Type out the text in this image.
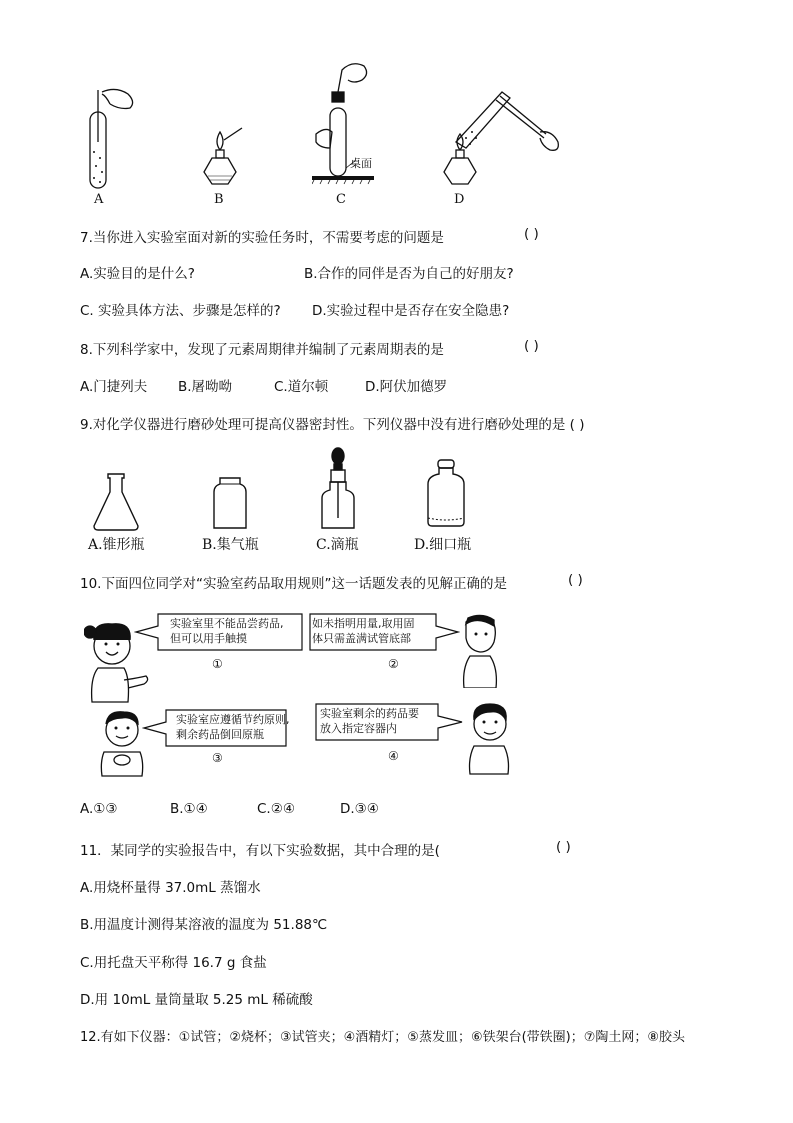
A	B
桌面
C	D
7.当你进入实验室面对新的实验任务时，不需要考虑的问题是	( )
A.实验目的是什么?	B.合作的同伴是否为自己的好朋友?
C. 实验具体方法、步骤是怎样的? D.实验过程中是否存在安全隐患?
8.下列科学家中，发现了元素周期律并编制了元素周期表的是	( )
A.门捷列夫 B.屠呦呦	C.道尔顿	D.阿伏加德罗
9.对化学仪器进行磨砂处理可提高仪器密封性。下列仪器中没有进行磨砂处理的是 ( )
A.锥形瓶	B.集气瓶	C.滴瓶	D.细口瓶
10.下面四位同学对“实验室药品取用规则”这一话题发表的见解正确的是	( )
实验室里不能品尝药品,
但可以用手触摸
①
如未指明用量,取用固
体只需盖满试管底部
②
实验室应遵循节约原则,
剩余药品倒回原瓶
③
实验室剩余的药品要
放入指定容器内
④
A.①③	B.①④	C.②④	D.③④
11．某同学的实验报告中，有以下实验数据，其中合理的是(	( )
A.用烧杯量得 37.0mL 蒸馏水
B.用温度计测得某溶液的温度为 51.88℃
C.用托盘天平称得 16.7 g 食盐
D.用 10mL 量筒量取 5.25 mL 稀硫酸
12.有如下仪器：①试管；②烧杯；③试管夹；④酒精灯；⑤蒸发皿；⑥铁架台(带铁圈)；⑦陶土网；⑧胶头
